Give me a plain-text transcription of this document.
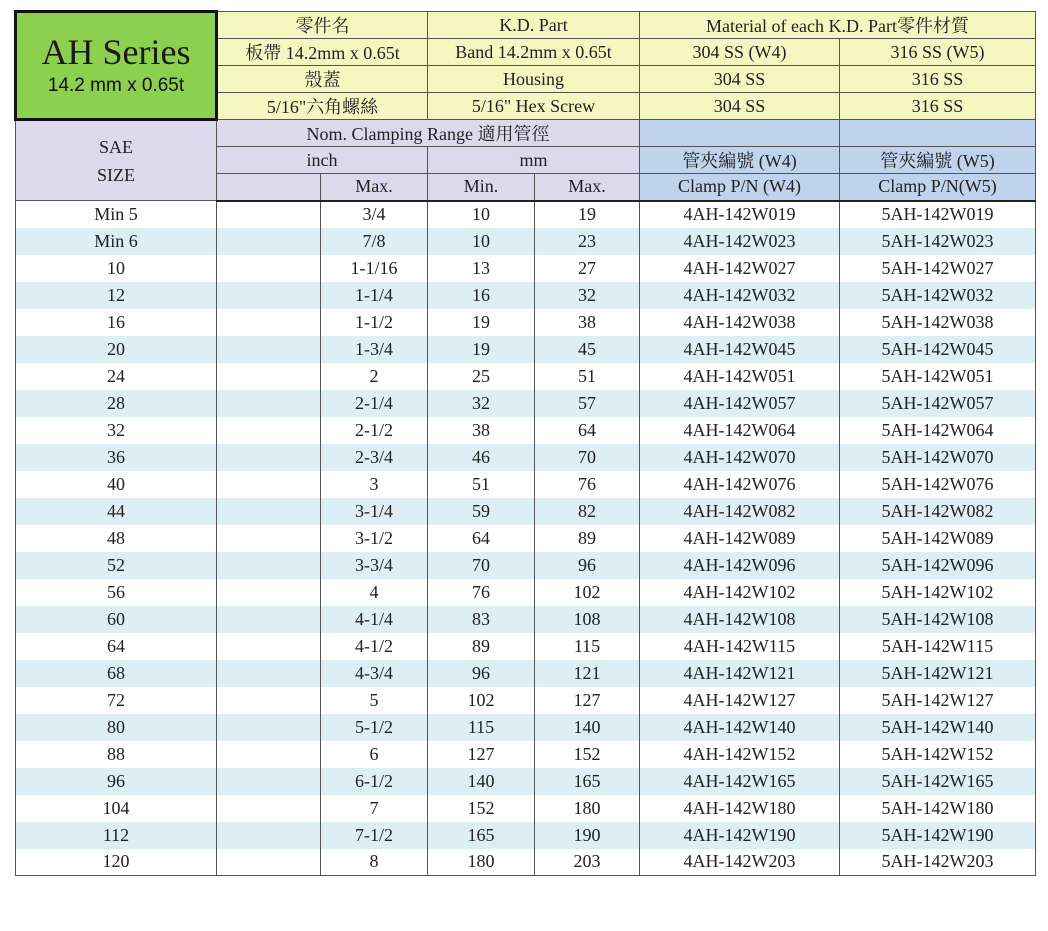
AH Series
14.2 mm x 0.65t	零件名		K.D. Part		Material of each K.D. Part零件材質	
	板帶 14.2mm x 0.65t		Band 14.2mm x 0.65t		304 SS (W4)	316 SS (W5)
	殼蓋		Housing		304 SS	316 SS
	5/16"六角螺絲		5/16" Hex Screw		304 SS	316 SS

SAE SIZE	Nom. Clamping Range 適用管徑					
	inch		mm		管夾編號 (W4)	管夾編號 (W5)
		Max.	Min.	Max.	Clamp P/N (W4)	Clamp P/N(W5)
Min 5		3/4	10	19	4AH-142W019	5AH-142W019
Min 6		7/8	10	23	4AH-142W023	5AH-142W023
10		1-1/16	13	27	4AH-142W027	5AH-142W027
12		1-1/4	16	32	4AH-142W032	5AH-142W032
16		1-1/2	19	38	4AH-142W038	5AH-142W038
20		1-3/4	19	45	4AH-142W045	5AH-142W045
24		2	25	51	4AH-142W051	5AH-142W051
28		2-1/4	32	57	4AH-142W057	5AH-142W057
32		2-1/2	38	64	4AH-142W064	5AH-142W064
36		2-3/4	46	70	4AH-142W070	5AH-142W070
40		3	51	76	4AH-142W076	5AH-142W076
44		3-1/4	59	82	4AH-142W082	5AH-142W082
48		3-1/2	64	89	4AH-142W089	5AH-142W089
52		3-3/4	70	96	4AH-142W096	5AH-142W096
56		4	76	102	4AH-142W102	5AH-142W102
60		4-1/4	83	108	4AH-142W108	5AH-142W108
64		4-1/2	89	115	4AH-142W115	5AH-142W115
68		4-3/4	96	121	4AH-142W121	5AH-142W121
72		5	102	127	4AH-142W127	5AH-142W127
80		5-1/2	115	140	4AH-142W140	5AH-142W140
88		6	127	152	4AH-142W152	5AH-142W152
96		6-1/2	140	165	4AH-142W165	5AH-142W165
104		7	152	180	4AH-142W180	5AH-142W180
112		7-1/2	165	190	4AH-142W190	5AH-142W190
120		8	180	203	4AH-142W203	5AH-142W203
